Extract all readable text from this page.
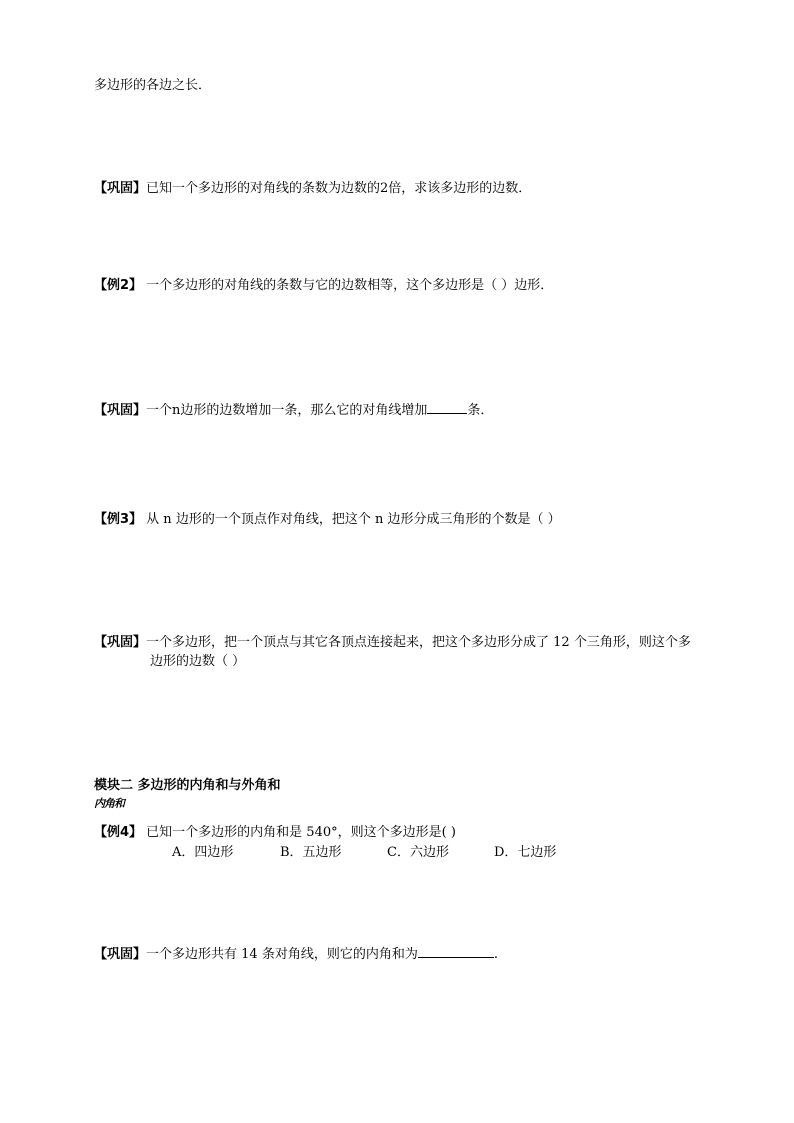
多边形的各边之长．
【巩固】已知一个多边形的对角线的条数为边数的2倍，求该多边形的边数．
【例2】 一个多边形的对角线的条数与它的边数相等，这个多边形是（ ）边形．
【巩固】一个n边形的边数增加一条，那么它的对角线增加	条．
【例3】 从 n 边形的一个顶点作对角线，把这个 n 边形分成三角形的个数是（ ）
【巩固】一个多边形，把一个顶点与其它各顶点连接起来，把这个多边形分成了 12 个三角形，则这个多
边形的边数（ ）
模块二 多边形的内角和与外角和
内角和
【例4】 已知一个多边形的内角和是 540°，则这个多边形是( )
A．四边形	B．五边形	C．六边形	D．七边形
【巩固】一个多边形共有 14 条对角线，则它的内角和为	.
